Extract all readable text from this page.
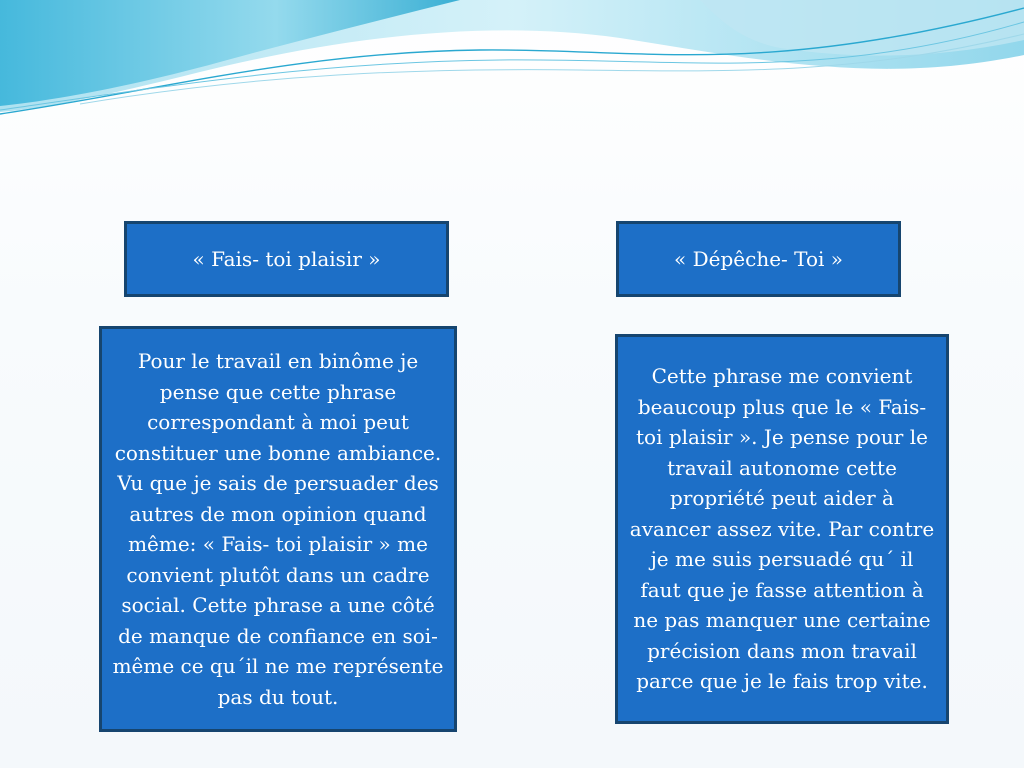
« Fais- toi plaisir »	« Dépêche- Toi »
Pour le travail en binôme je pense que cette phrase correspondant à moi peut constituer une bonne ambiance. Vu que je sais de persuader des autres de mon opinion quand même: « Fais- toi plaisir » me convient plutôt dans un cadre social. Cette phrase a une côté de manque de confiance en soi-même ce qu´il ne me représente pas du tout.
Cette phrase me convient beaucoup plus que le « Fais- toi plaisir ». Je pense pour le travail autonome cette propriété peut aider à avancer assez vite. Par contre je me suis persuadé qu´ il faut que je fasse attention à ne pas manquer une certaine précision dans mon travail parce que je le fais trop vite.
